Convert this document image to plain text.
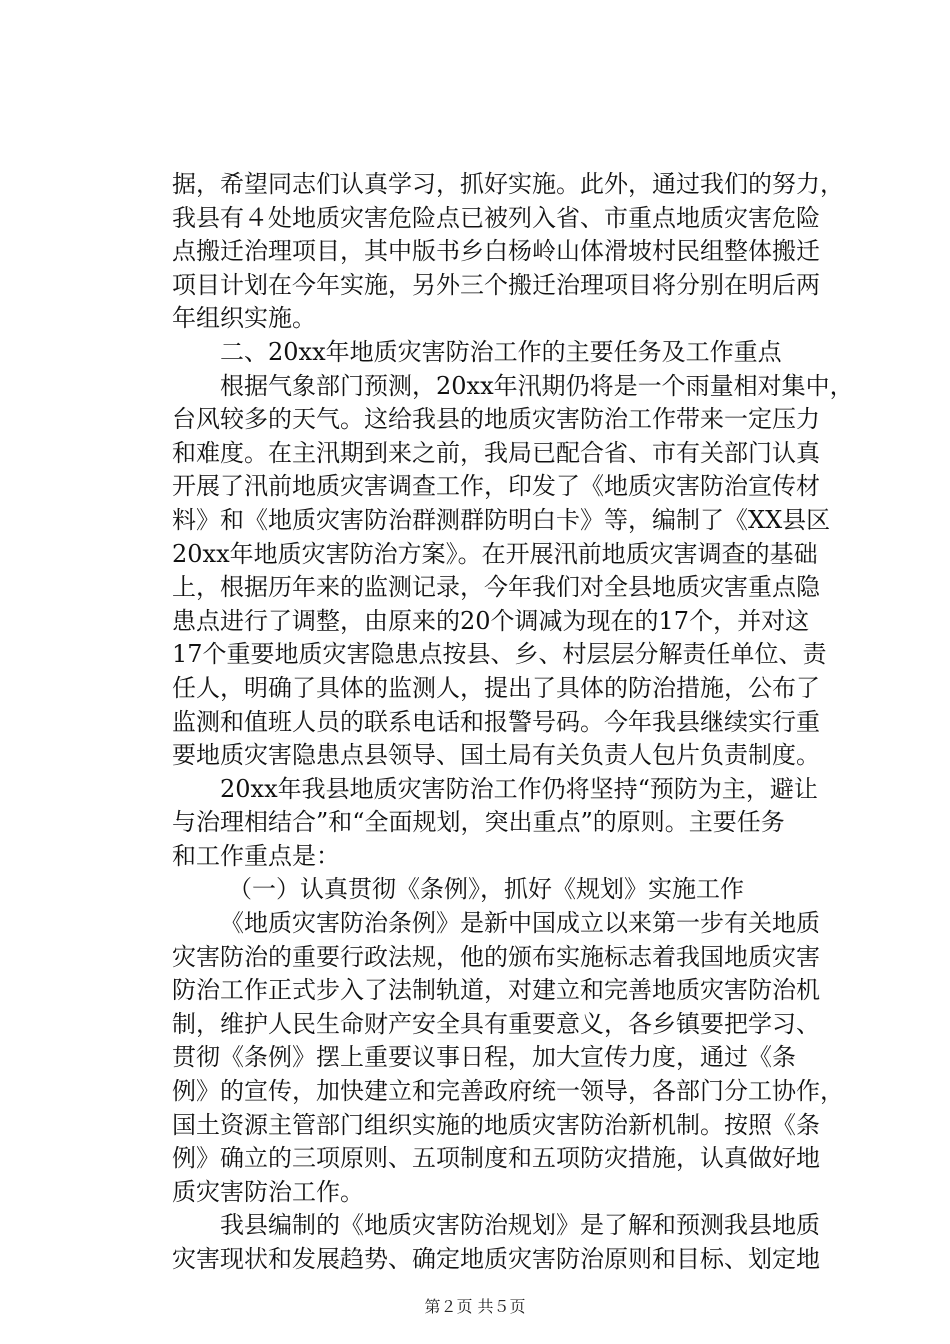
据，希望同志们认真学习，抓好实施。此外，通过我们的努力，
我县有４处地质灾害危险点已被列入省、市重点地质灾害危险
点搬迁治理项目，其中版书乡白杨岭山体滑坡村民组整体搬迁
项目计划在今年实施，另外三个搬迁治理项目将分别在明后两
年组织实施。
二、20xx年地质灾害防治工作的主要任务及工作重点
根据气象部门预测，20xx年汛期仍将是一个雨量相对集中，
台风较多的天气。这给我县的地质灾害防治工作带来一定压力
和难度。在主汛期到来之前，我局已配合省、市有关部门认真
开展了汛前地质灾害调查工作，印发了《地质灾害防治宣传材
料》和《地质灾害防治群测群防明白卡》等，编制了《XX县区
20xx年地质灾害防治方案》。在开展汛前地质灾害调查的基础
上，根据历年来的监测记录，今年我们对全县地质灾害重点隐
患点进行了调整，由原来的20个调减为现在的17个，并对这
17个重要地质灾害隐患点按县、乡、村层层分解责任单位、责
任人，明确了具体的监测人，提出了具体的防治措施，公布了
监测和值班人员的联系电话和报警号码。今年我县继续实行重
要地质灾害隐患点县领导、国土局有关负责人包片负责制度。
20xx年我县地质灾害防治工作仍将坚持“预防为主，避让
与治理相结合”和“全面规划，突出重点”的原则。主要任务
和工作重点是：
（一）认真贯彻《条例》，抓好《规划》实施工作
《地质灾害防治条例》是新中国成立以来第一步有关地质
灾害防治的重要行政法规，他的颁布实施标志着我国地质灾害
防治工作正式步入了法制轨道，对建立和完善地质灾害防治机
制，维护人民生命财产安全具有重要意义，各乡镇要把学习、
贯彻《条例》摆上重要议事日程，加大宣传力度，通过《条
例》的宣传，加快建立和完善政府统一领导，各部门分工协作，
国土资源主管部门组织实施的地质灾害防治新机制。按照《条
例》确立的三项原则、五项制度和五项防灾措施，认真做好地
质灾害防治工作。
我县编制的《地质灾害防治规划》是了解和预测我县地质
灾害现状和发展趋势、确定地质灾害防治原则和目标、划定地
第２页 共５页
